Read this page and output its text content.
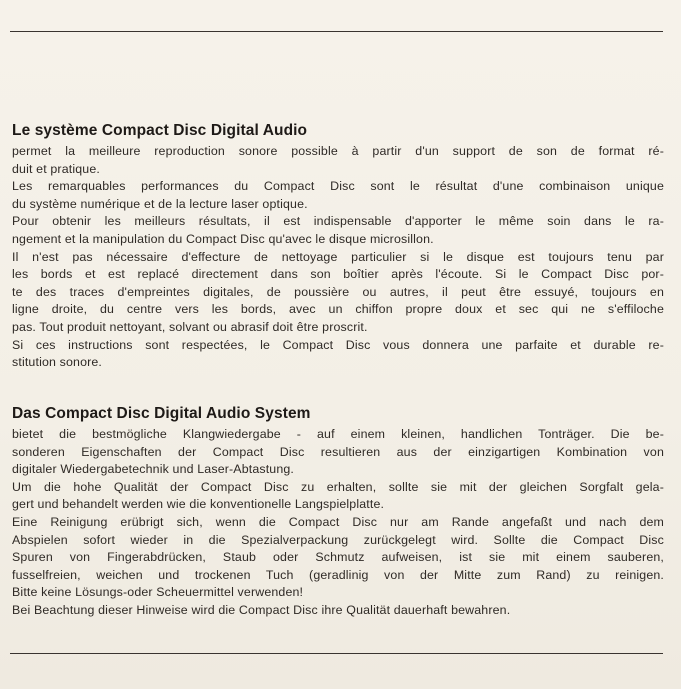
Le système Compact Disc Digital Audio
permet la meilleure reproduction sonore possible à partir d'un support de son de format ré-
duit et pratique.
Les remarquables performances du Compact Disc sont le résultat d'une combinaison unique
du système numérique et de la lecture laser optique.
Pour obtenir les meilleurs résultats, il est indispensable d'apporter le même soin dans le ra-
ngement et la manipulation du Compact Disc qu'avec le disque microsillon.
Il n'est pas nécessaire d'effecture de nettoyage particulier si le disque est toujours tenu par
les bords et est replacé directement dans son boîtier après l'écoute. Si le Compact Disc por-
te des traces d'empreintes digitales, de poussière ou autres, il peut être essuyé, toujours en
ligne droite, du centre vers les bords, avec un chiffon propre doux et sec qui ne s'effiloche
pas. Tout produit nettoyant, solvant ou abrasif doit être proscrit.
Si ces instructions sont respectées, le Compact Disc vous donnera une parfaite et durable re-
stitution sonore.
Das Compact Disc Digital Audio System
bietet die bestmögliche Klangwiedergabe - auf einem kleinen, handlichen Tonträger. Die be-
sonderen Eigenschaften der Compact Disc resultieren aus der einzigartigen Kombination von
digitaler Wiedergabetechnik und Laser-Abtastung.
Um die hohe Qualität der Compact Disc zu erhalten, sollte sie mit der gleichen Sorgfalt gela-
gert und behandelt werden wie die konventionelle Langspielplatte.
Eine Reinigung erübrigt sich, wenn die Compact Disc nur am Rande angefaßt und nach dem
Abspielen sofort wieder in die Spezialverpackung zurückgelegt wird. Sollte die Compact Disc
Spuren von Fingerabdrücken, Staub oder Schmutz aufweisen, ist sie mit einem sauberen,
fusselfreien, weichen und trockenen Tuch (geradlinig von der Mitte zum Rand) zu reinigen.
Bitte keine Lösungs-oder Scheuermittel verwenden!
Bei Beachtung dieser Hinweise wird die Compact Disc ihre Qualität dauerhaft bewahren.
